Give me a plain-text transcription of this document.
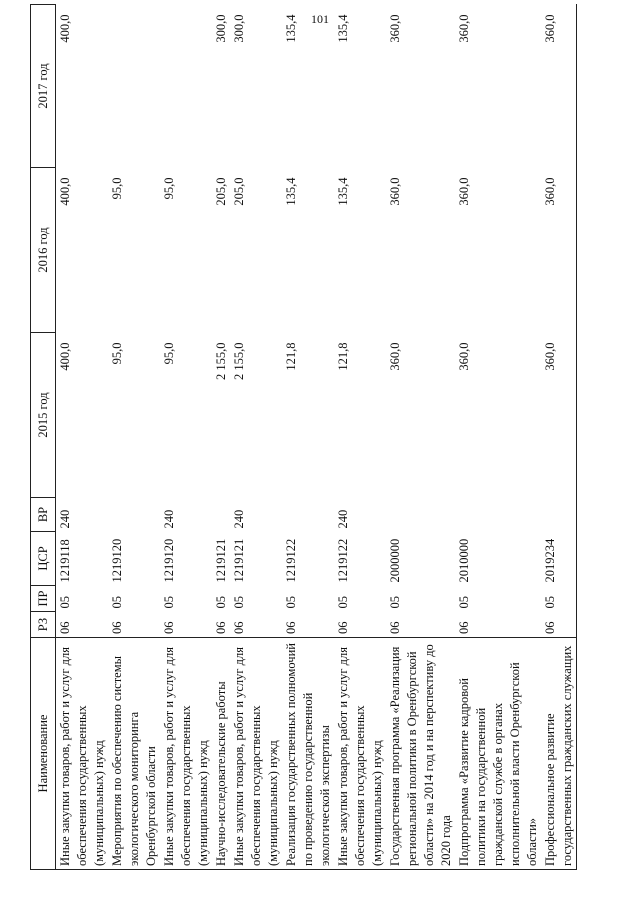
101
Наименование	РЗ	ПР	ЦСР	ВР	2015 год	2016 год	2017 год
Иные закупки товаров, работ и услуг для обеспечения государственных (муниципальных) нужд	06	05	1219118	240	400,0	400,0	400,0
Мероприятия по обеспечению системы экологического мониторинга Оренбургской области	06	05	1219120		95,0	95,0	
Иные закупки товаров, работ и услуг для обеспечения государственных (муниципальных) нужд	06	05	1219120	240	95,0	95,0	
Научно-исследовательские работы	06	05	1219121		2 155,0	205,0	300,0
Иные закупки товаров, работ и услуг для обеспечения государственных (муниципальных) нужд	06	05	1219121	240	2 155,0	205,0	300,0
Реализация государственных полномочий по проведению государственной экологической экспертизы	06	05	1219122		121,8	135,4	135,4
Иные закупки товаров, работ и услуг для обеспечения государственных (муниципальных) нужд	06	05	1219122	240	121,8	135,4	135,4
Государственная программа «Реализация региональной политики в Оренбургской области» на 2014 год и на перспективу до 2020 года	06	05	2000000		360,0	360,0	360,0
Подпрограмма «Развитие кадровой политики на государственной гражданской службе в органах исполнительной власти Оренбургской области»	06	05	2010000		360,0	360,0	360,0
Профессиональное развитие государственных гражданских служащих	06	05	2019234		360,0	360,0	360,0
